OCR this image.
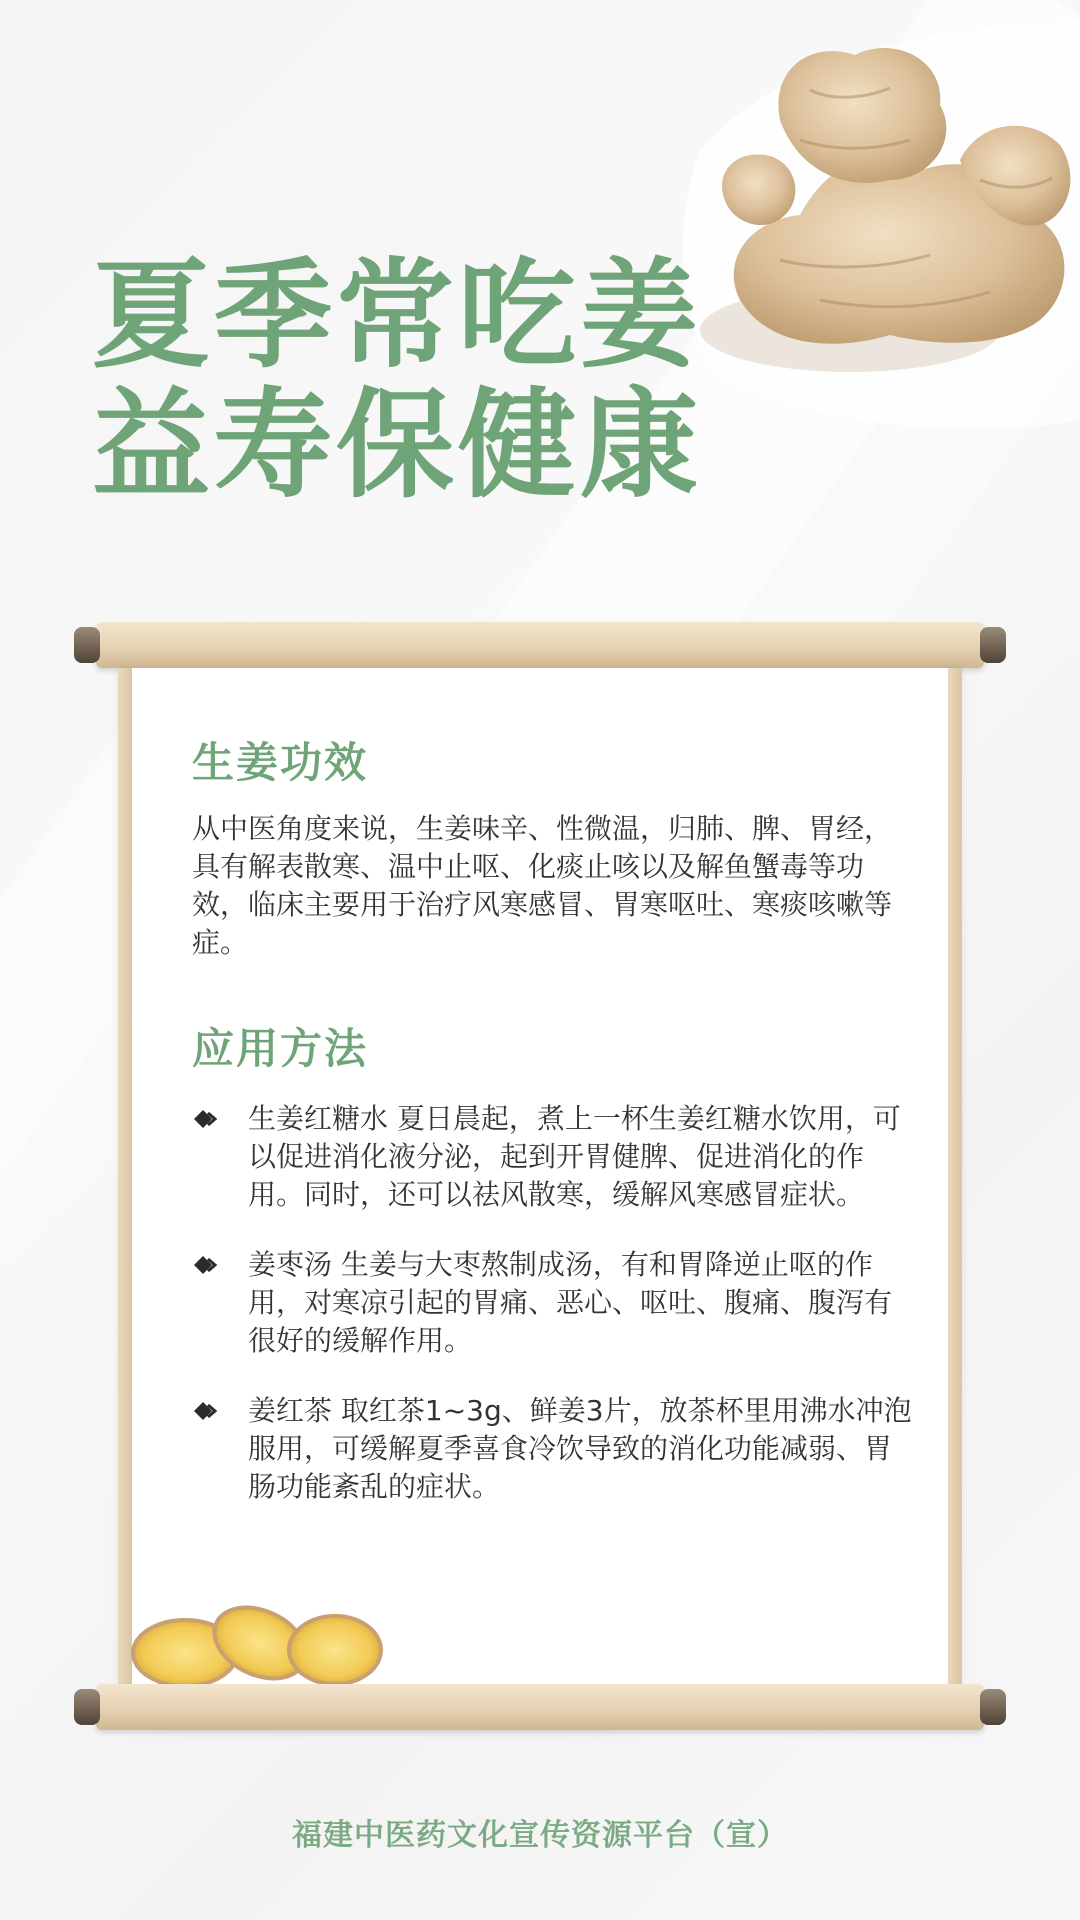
夏季常吃姜
益寿保健康
生姜功效

从中医角度来说，生姜味辛、性微温，归肺、脾、胃经，具有解表散寒、温中止呕、化痰止咳以及解鱼蟹毒等功效，临床主要用于治疗风寒感冒、胃寒呕吐、寒痰咳嗽等症。

应用方法
生姜红糖水 夏日晨起，煮上一杯生姜红糖水饮用，可以促进消化液分泌，起到开胃健脾、促进消化的作用。同时，还可以祛风散寒，缓解风寒感冒症状。
姜枣汤 生姜与大枣熬制成汤，有和胃降逆止呕的作用，对寒凉引起的胃痛、恶心、呕吐、腹痛、腹泻有很好的缓解作用。
姜红茶 取红茶1~3g、鲜姜3片，放茶杯里用沸水冲泡服用，可缓解夏季喜食冷饮导致的消化功能减弱、胃肠功能紊乱的症状。

福建中医药文化宣传资源平台（宣）
